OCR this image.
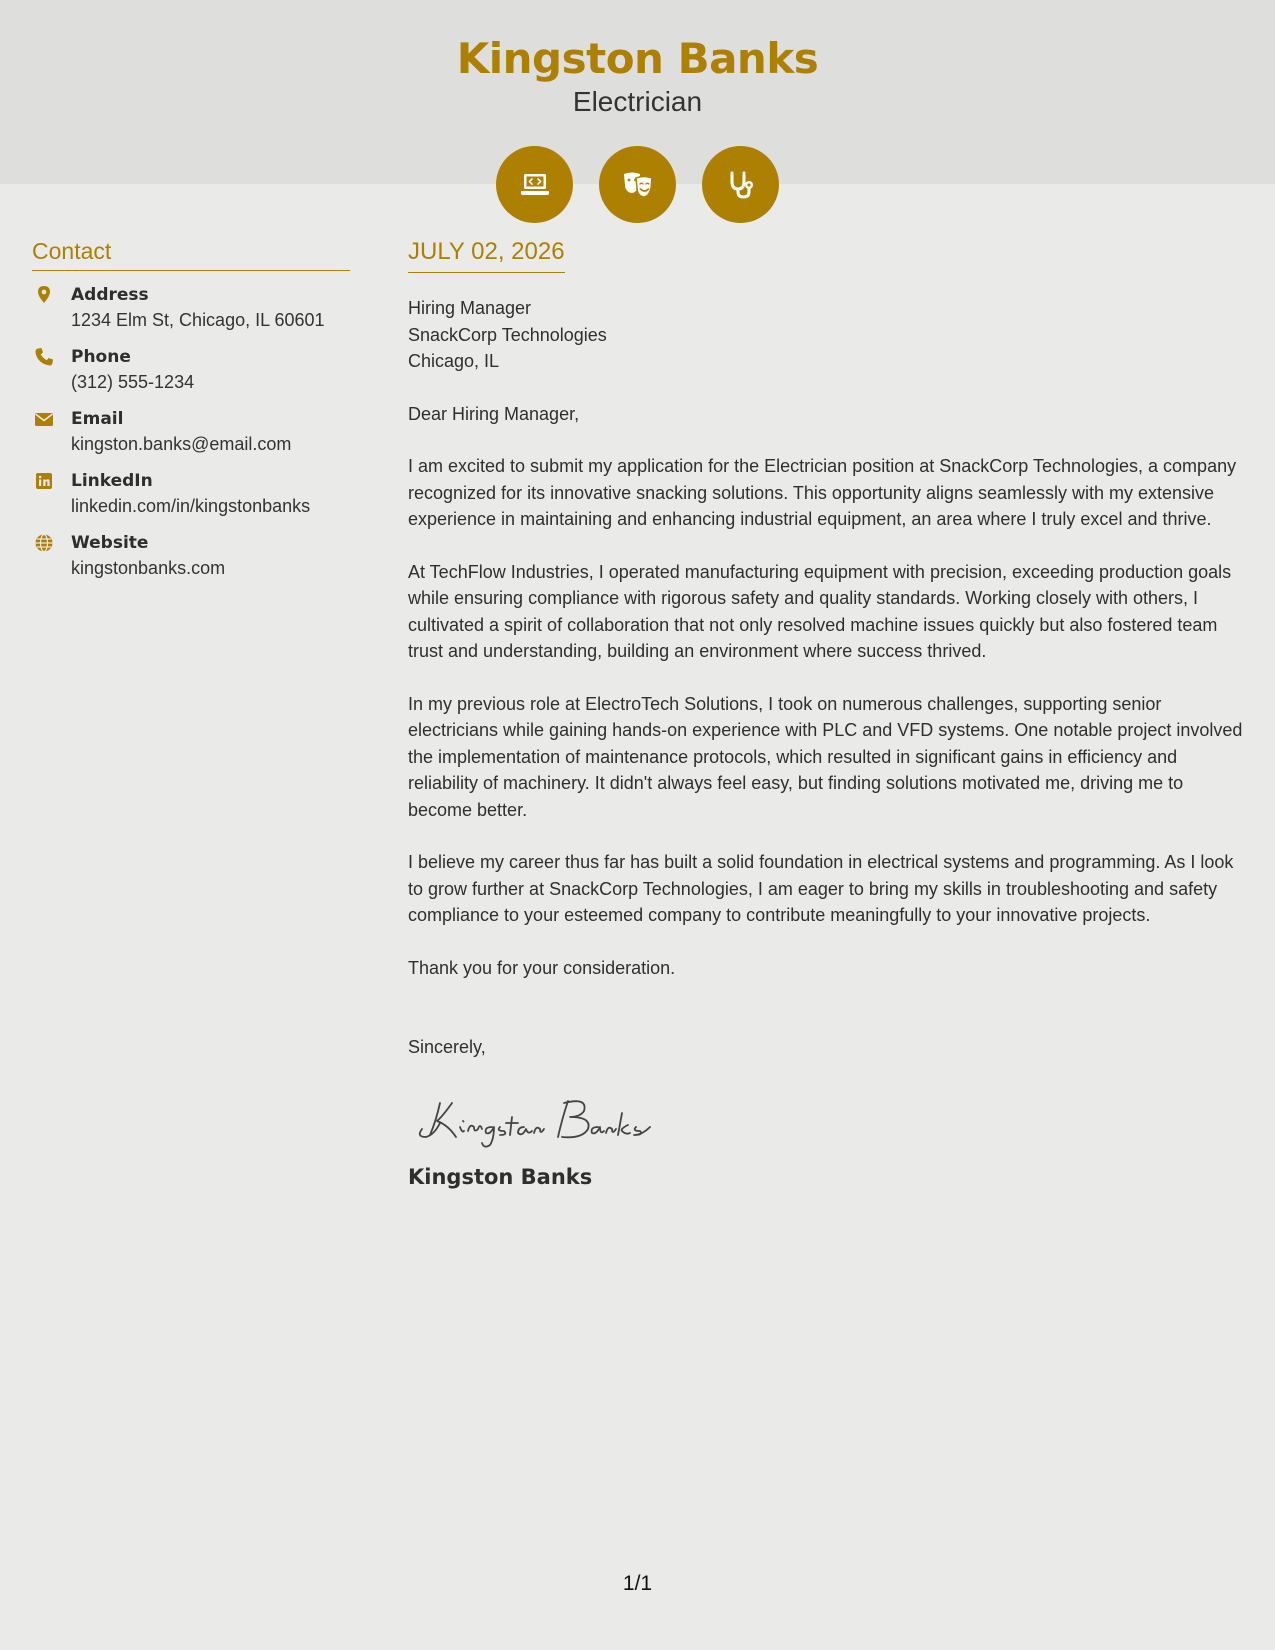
Kingston Banks
Electrician
Contact
Address
1234 Elm St, Chicago, IL 60601
Phone
(312) 555-1234
Email
kingston.banks@email.com
LinkedIn
linkedin.com/in/kingstonbanks
Website
kingstonbanks.com
JULY 02, 2026
Hiring Manager
SnackCorp Technologies
Chicago, IL
Dear Hiring Manager,
I am excited to submit my application for the Electrician position at SnackCorp Technologies, a company recognized for its innovative snacking solutions. This opportunity aligns seamlessly with my extensive experience in maintaining and enhancing industrial equipment, an area where I truly excel and thrive.
At TechFlow Industries, I operated manufacturing equipment with precision, exceeding production goals while ensuring compliance with rigorous safety and quality standards. Working closely with others, I cultivated a spirit of collaboration that not only resolved machine issues quickly but also fostered team trust and understanding, building an environment where success thrived.
In my previous role at ElectroTech Solutions, I took on numerous challenges, supporting senior electricians while gaining hands-on experience with PLC and VFD systems. One notable project involved the implementation of maintenance protocols, which resulted in significant gains in efficiency and reliability of machinery. It didn't always feel easy, but finding solutions motivated me, driving me to become better.
I believe my career thus far has built a solid foundation in electrical systems and programming. As I look to grow further at SnackCorp Technologies, I am eager to bring my skills in troubleshooting and safety compliance to your esteemed company to contribute meaningfully to your innovative projects.
Thank you for your consideration.
Sincerely,
Kingston Banks
1/1
